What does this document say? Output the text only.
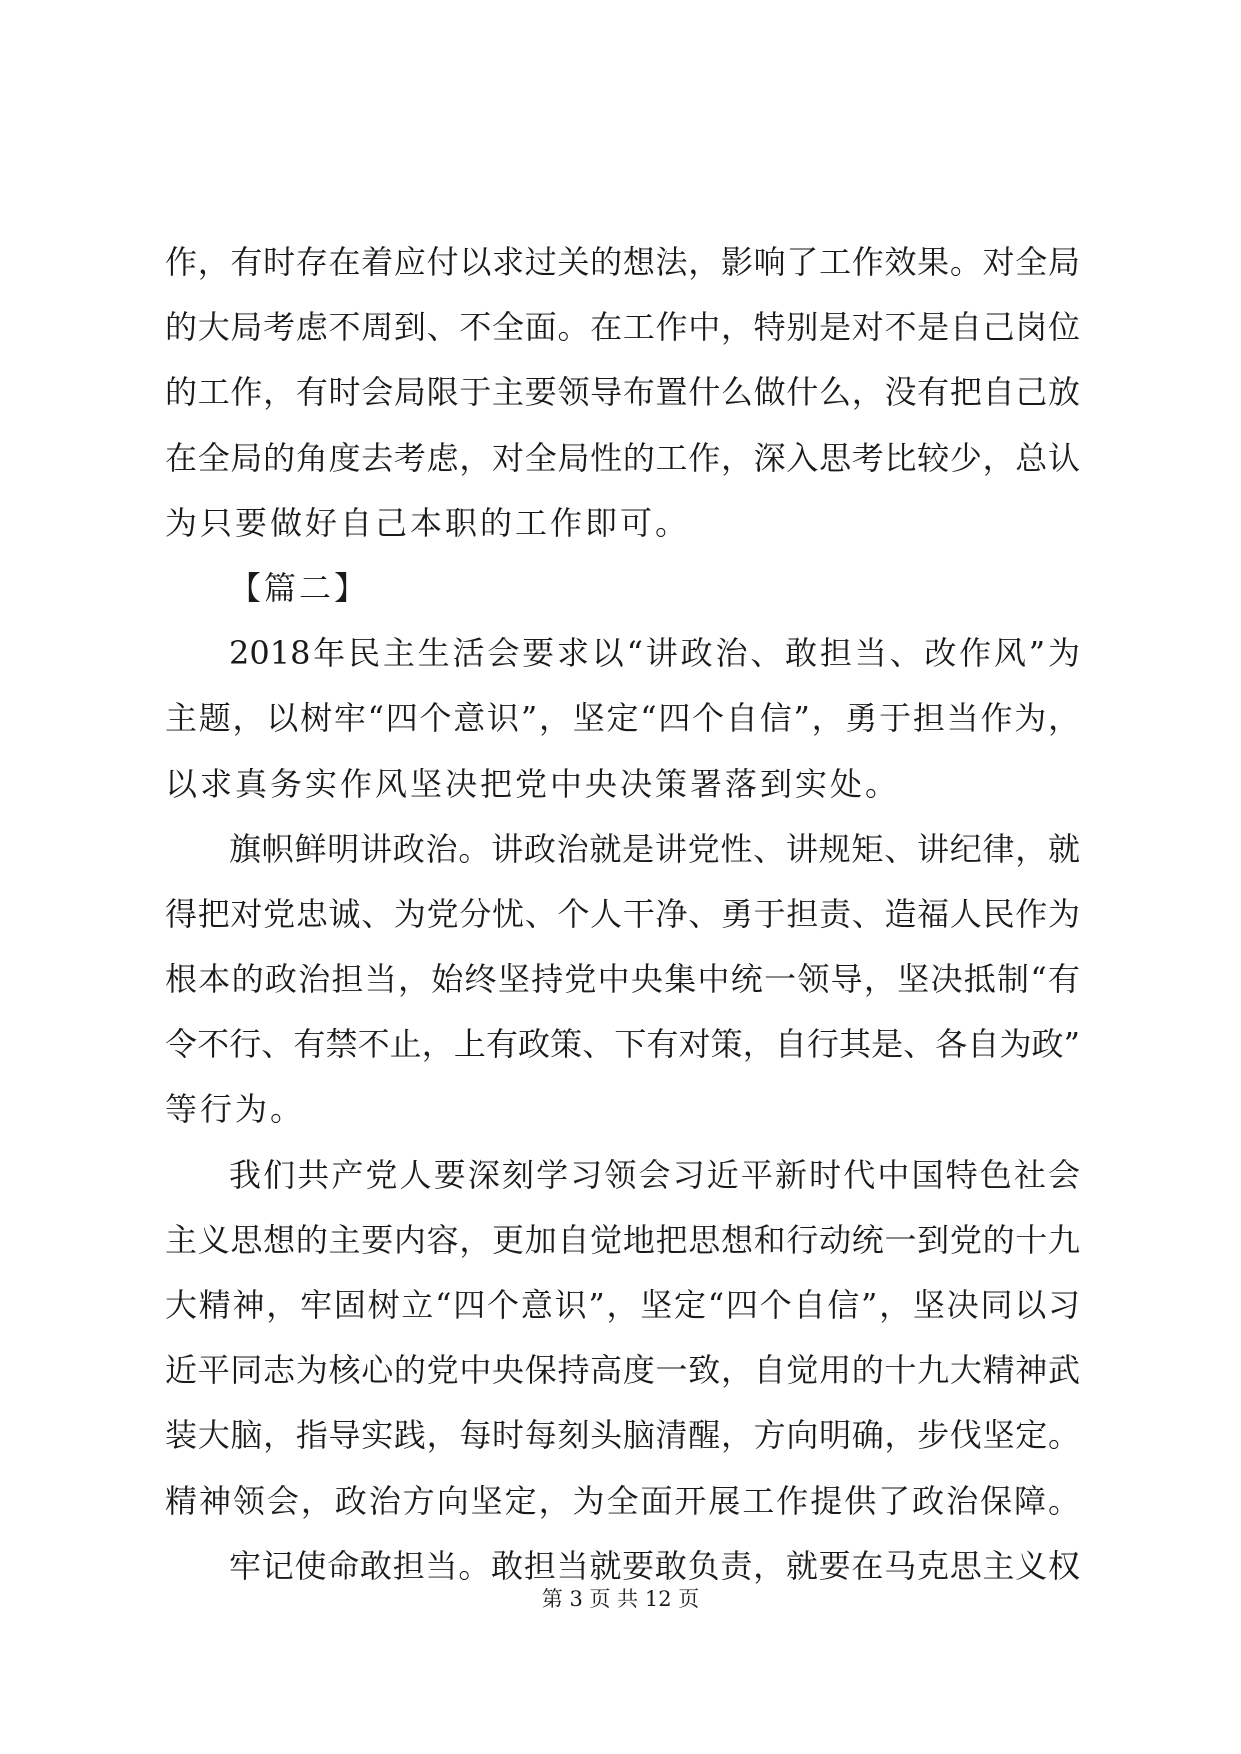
作，有时存在着应付以求过关的想法，影响了工作效果。对全局
的大局考虑不周到、不全面。在工作中，特别是对不是自己岗位
的工作，有时会局限于主要领导布置什么做什么，没有把自己放
在全局的角度去考虑，对全局性的工作，深入思考比较少，总认
为只要做好自己本职的工作即可。
【篇二】
2018年民主生活会要求以“讲政治、敢担当、改作风”为
主题，以树牢“四个意识”，坚定“四个自信”，勇于担当作为，
以求真务实作风坚决把党中央决策署落到实处。
旗帜鲜明讲政治。讲政治就是讲党性、讲规矩、讲纪律，就
得把对党忠诚、为党分忧、个人干净、勇于担责、造福人民作为
根本的政治担当，始终坚持党中央集中统一领导，坚决抵制“有
令不行、有禁不止，上有政策、下有对策，自行其是、各自为政”
等行为。
我们共产党人要深刻学习领会习近平新时代中国特色社会
主义思想的主要内容，更加自觉地把思想和行动统一到党的十九
大精神，牢固树立“四个意识”，坚定“四个自信”，坚决同以习
近平同志为核心的党中央保持高度一致，自觉用的十九大精神武
装大脑，指导实践，每时每刻头脑清醒，方向明确，步伐坚定。
精神领会，政治方向坚定，为全面开展工作提供了政治保障。
牢记使命敢担当。敢担当就要敢负责，就要在马克思主义权
第 3 页 共 12 页
